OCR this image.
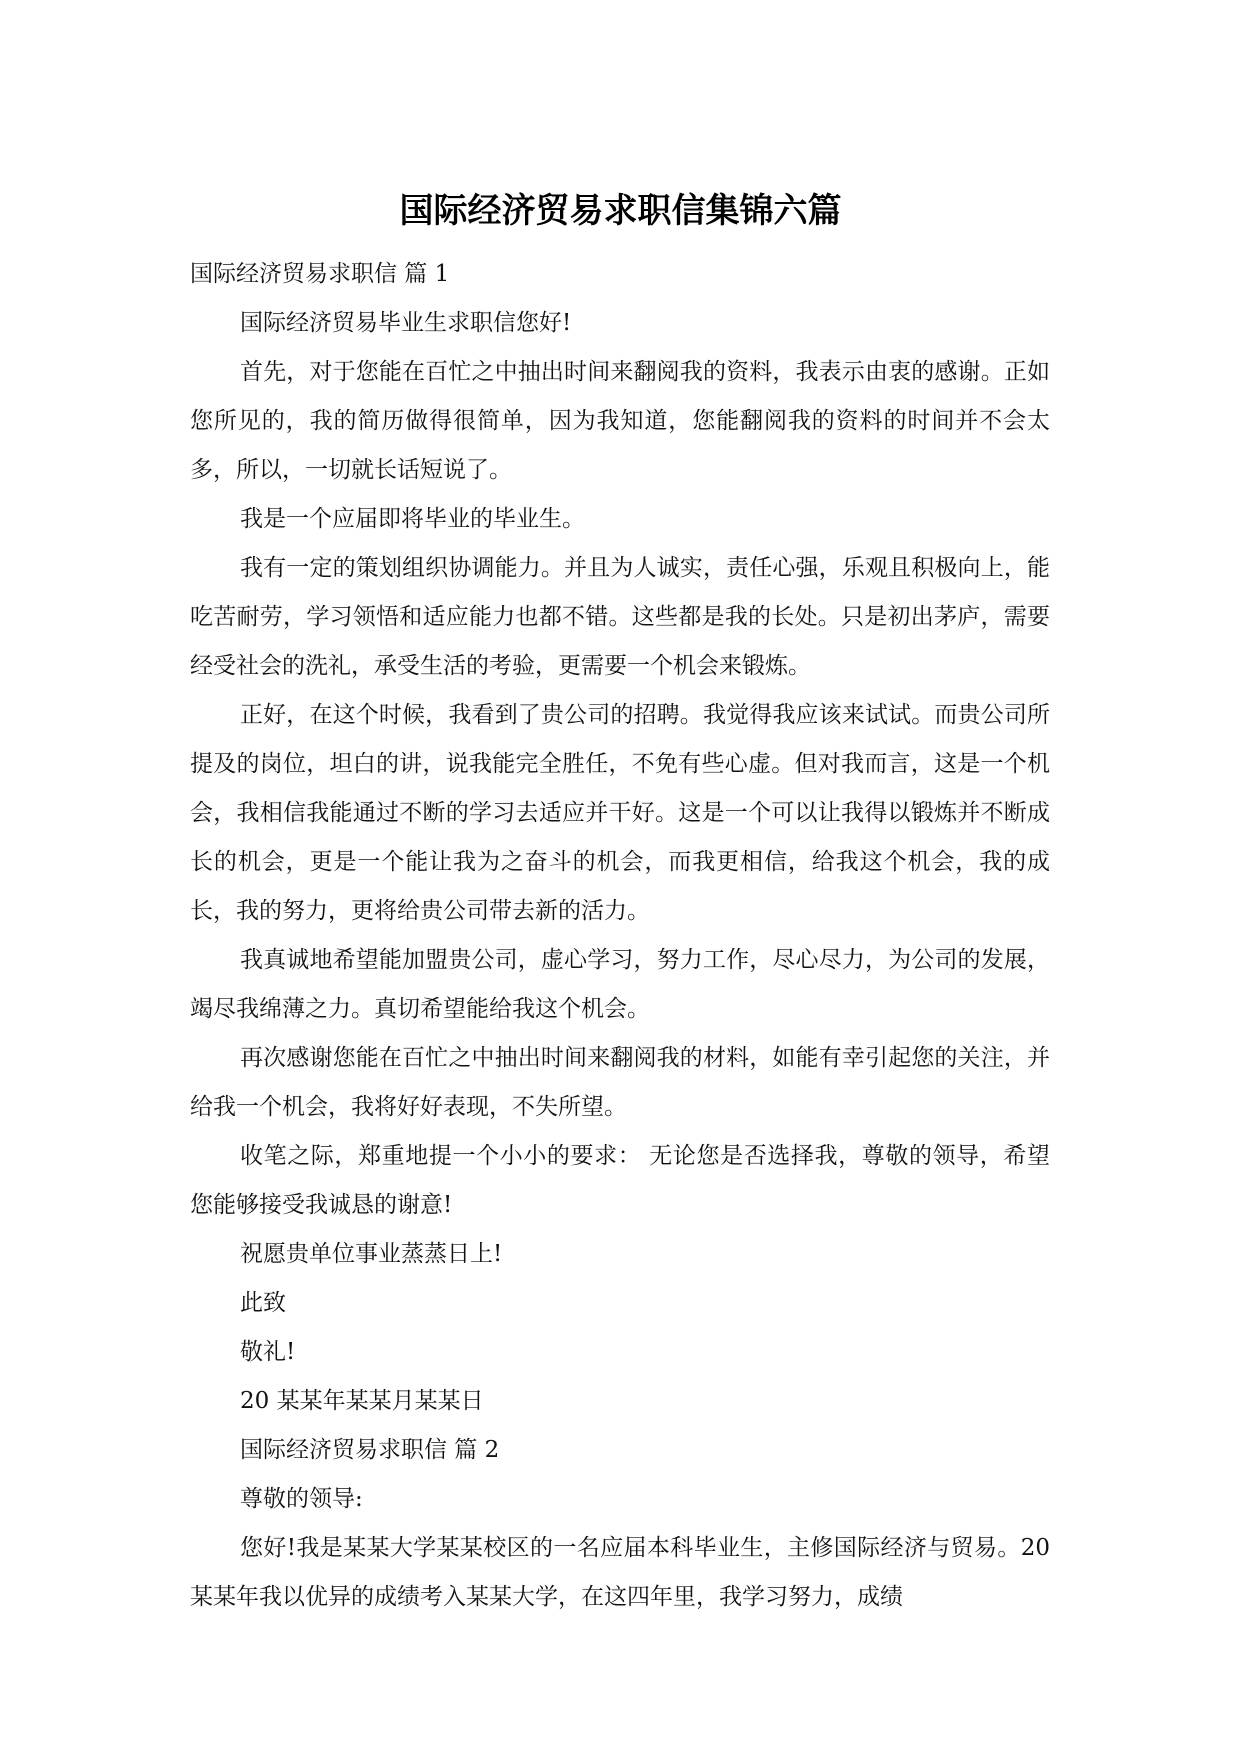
国际经济贸易求职信集锦六篇

国际经济贸易求职信 篇 1

国际经济贸易毕业生求职信您好!

首先，对于您能在百忙之中抽出时间来翻阅我的资料，我表示由衷的感谢。正如您所见的，我的简历做得很简单，因为我知道，您能翻阅我的资料的时间并不会太多，所以，一切就长话短说了。

我是一个应届即将毕业的毕业生。

我有一定的策划组织协调能力。并且为人诚实，责任心强，乐观且积极向上，能吃苦耐劳，学习领悟和适应能力也都不错。这些都是我的长处。只是初出茅庐，需要经受社会的洗礼，承受生活的考验，更需要一个机会来锻炼。

正好，在这个时候，我看到了贵公司的招聘。我觉得我应该来试试。而贵公司所提及的岗位，坦白的讲，说我能完全胜任，不免有些心虚。但对我而言，这是一个机会，我相信我能通过不断的学习去适应并干好。这是一个可以让我得以锻炼并不断成长的机会，更是一个能让我为之奋斗的机会，而我更相信，给我这个机会，我的成长，我的努力，更将给贵公司带去新的活力。

我真诚地希望能加盟贵公司，虚心学习，努力工作，尽心尽力，为公司的发展，竭尽我绵薄之力。真切希望能给我这个机会。

再次感谢您能在百忙之中抽出时间来翻阅我的材料，如能有幸引起您的关注，并给我一个机会，我将好好表现，不失所望。

收笔之际，郑重地提一个小小的要求： 无论您是否选择我，尊敬的领导，希望您能够接受我诚恳的谢意!

祝愿贵单位事业蒸蒸日上!

此致

敬礼!

20 某某年某某月某某日

国际经济贸易求职信 篇 2

尊敬的领导:

您好!我是某某大学某某校区的一名应届本科毕业生，主修国际经济与贸易。20 某某年我以优异的成绩考入某某大学，在这四年里，我学习努力，成绩
